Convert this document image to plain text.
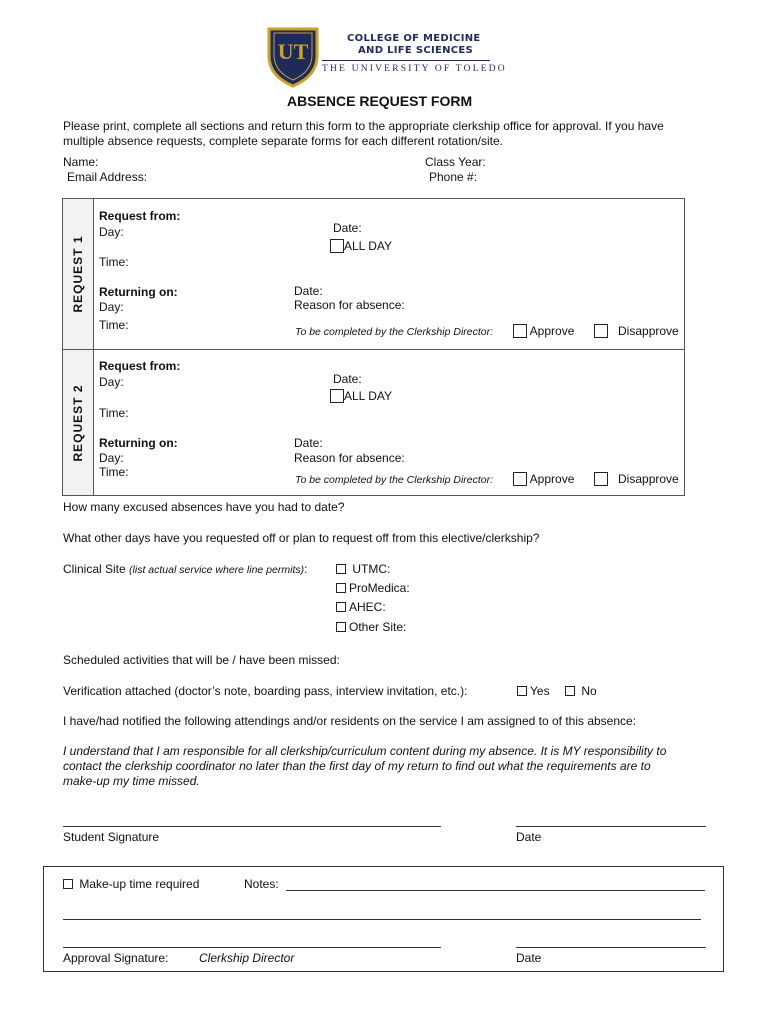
UT
COLLEGE OF MEDICINE
AND LIFE SCIENCES
THE UNIVERSITY OF TOLEDO
ABSENCE REQUEST FORM
Please print, complete all sections and return this form to the appropriate clerkship office for approval. If you have
multiple absence requests, complete separate forms for each different rotation/site.
Name:	Class Year:
Email Address:	Phone #:
REQUEST 1
Request from:
Day:	Date:
ALL DAY
Time:
Returning on:	Date:
Day:	Reason for absence:
Time:	To be completed by the Clerkship Director:	Approve	Disapprove
REQUEST 2
Request from:
Day:	Date:
ALL DAY
Time:
Returning on:	Date:
Day:	Reason for absence:
Time:
To be completed by the Clerkship Director:	Approve	Disapprove
How many excused absences have you had to date?
What other days have you requested off or plan to request off from this elective/clerkship?
Clinical Site (list actual service where line permits):	UTMC:
ProMedica:
AHEC:
Other Site:
Scheduled activities that will be / have been missed:
Verification attached (doctor’s note, boarding pass, interview invitation, etc.):	Yes	No
I have/had notified the following attendings and/or residents on the service I am assigned to of this absence:
I understand that I am responsible for all clerkship/curriculum content during my absence. It is MY responsibility to
contact the clerkship coordinator no later than the first day of my return to find out what the requirements are to
make-up my time missed.
Student Signature	Date
Make-up time required	Notes:
Approval Signature:	Clerkship Director	Date
